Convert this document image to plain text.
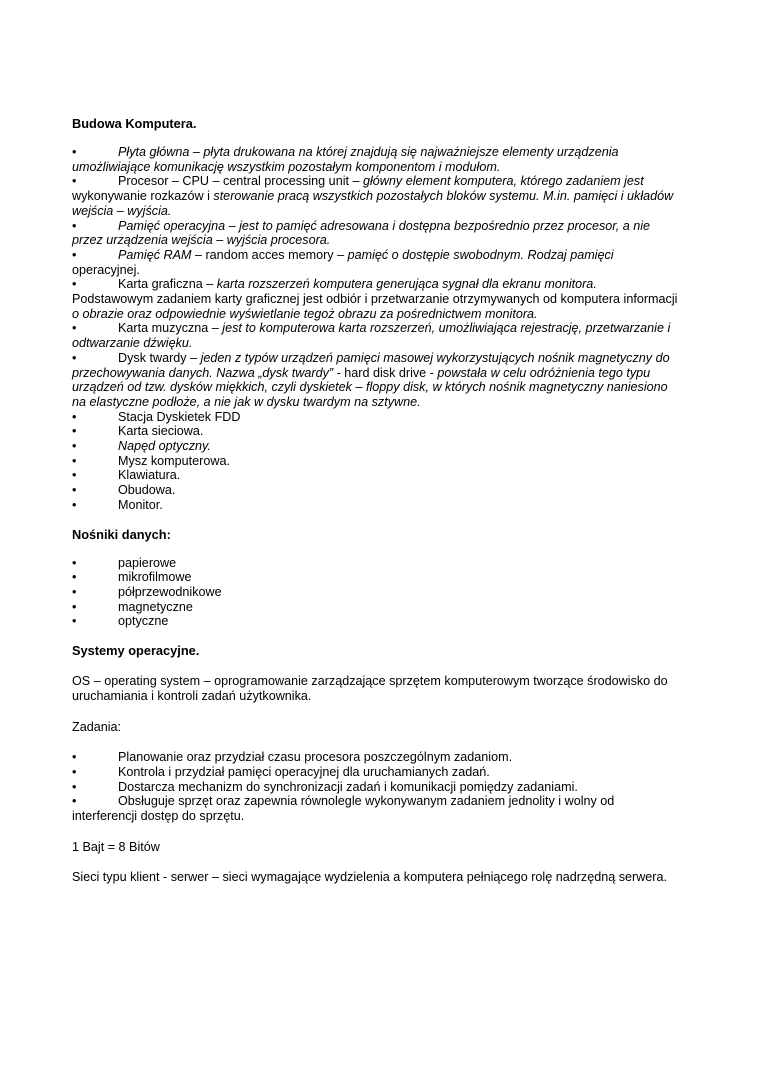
Budowa Komputera.
•	Płyta główna – płyta drukowana na której znajdują się najważniejsze elementy urządzenia
umożliwiające komunikację wszystkim pozostałym komponentom i modułom.
•	Procesor – CPU – central processing unit – główny element komputera, którego zadaniem jest
wykonywanie rozkazów i sterowanie pracą wszystkich pozostałych bloków systemu. M.in. pamięci i układów
wejścia – wyjścia.
•	Pamięć operacyjna – jest to pamięć adresowana i dostępna bezpośrednio przez procesor, a nie
przez urządzenia wejścia – wyjścia procesora.
•	Pamięć RAM – random acces memory – pamięć o dostępie swobodnym. Rodzaj pamięci
operacyjnej.
•	Karta graficzna – karta rozszerzeń komputera generująca sygnał dla ekranu monitora.
Podstawowym zadaniem karty graficznej jest odbiór i przetwarzanie otrzymywanych od komputera informacji
o obrazie oraz odpowiednie wyświetlanie tegoż obrazu za pośrednictwem monitora.
•	Karta muzyczna – jest to komputerowa karta rozszerzeń, umożliwiająca rejestrację, przetwarzanie i
odtwarzanie dźwięku.
•	Dysk twardy – jeden z typów urządzeń pamięci masowej wykorzystujących nośnik magnetyczny do
przechowywania danych. Nazwa „dysk twardy” - hard disk drive - powstała w celu odróżnienia tego typu
urządzeń od tzw. dysków miękkich, czyli dyskietek – floppy disk, w których nośnik magnetyczny naniesiono
na elastyczne podłoże, a nie jak w dysku twardym na sztywne.
•	Stacja Dyskietek FDD
•	Karta sieciowa.
•	Napęd optyczny.
•	Mysz komputerowa.
•	Klawiatura.
•	Obudowa.
•	Monitor.
Nośniki danych:
•	papierowe
•	mikrofilmowe
•	półprzewodnikowe
•	magnetyczne
•	optyczne
Systemy operacyjne.
OS – operating system – oprogramowanie zarządzające sprzętem komputerowym tworzące środowisko do
uruchamiania i kontroli zadań użytkownika.
Zadania:
•	Planowanie oraz przydział czasu procesora poszczególnym zadaniom.
•	Kontrola i przydział pamięci operacyjnej dla uruchamianych zadań.
•	Dostarcza mechanizm do synchronizacji zadań i komunikacji pomiędzy zadaniami.
•	Obsługuje sprzęt oraz zapewnia równolegle wykonywanym zadaniem jednolity i wolny od
interferencji dostęp do sprzętu.
1 Bajt = 8 Bitów
Sieci typu klient - serwer – sieci wymagające wydzielenia a komputera pełniącego rolę nadrzędną serwera.
